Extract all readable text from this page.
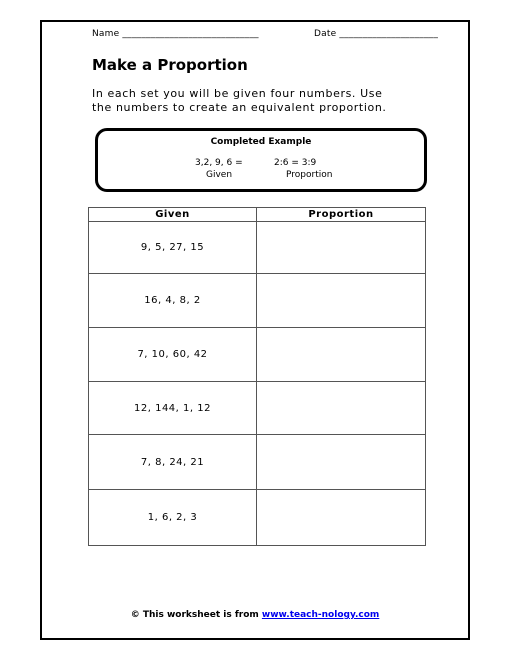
Name _____________________________	Date _____________________
Make a Proportion
In each set you will be given four numbers. Use the numbers to create an equivalent proportion.
Completed Example
3,2, 9, 6 =	2:6 = 3:9
Given	Proportion
Given	Proportion
9, 5, 27, 15	
16, 4, 8, 2	
7, 10, 60, 42	
12, 144, 1, 12	
7, 8, 24, 21	
1, 6, 2, 3	
© This worksheet is from www.teach-nology.com
